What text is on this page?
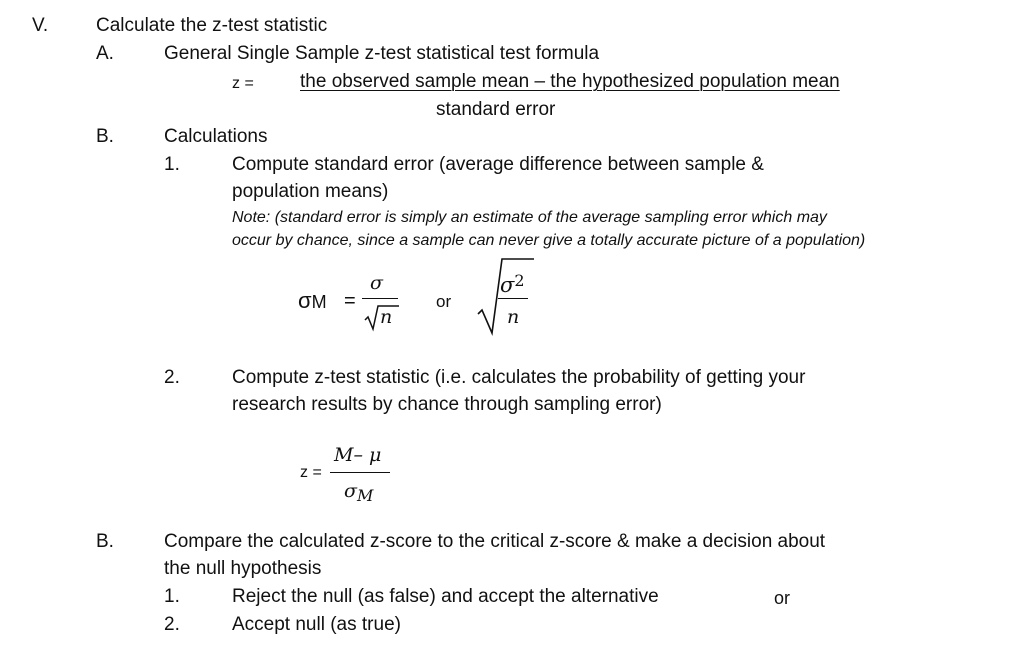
V.	Calculate the z-test statistic
A.	General Single Sample z-test statistical test formula
z = the observed sample mean – the hypothesized population mean
standard error
B.	Calculations
1.	Compute standard error (average difference between sample &
population means)
Note: (standard error is simply an estimate of the average sampling error which may
occur by chance, since a sample can never give a totally accurate picture of a population)
σM =
σ
n
or
$\sigma^2$
n
2.	Compute z-test statistic (i.e. calculates the probability of getting your
research results by chance through sampling error)
z =
M– μ
$\sigma_M$
B.	Compare the calculated z-score to the critical z-score & make a decision about
the null hypothesis
1.	Reject the null (as false) and accept the alternative	or
2.	Accept null (as true)
